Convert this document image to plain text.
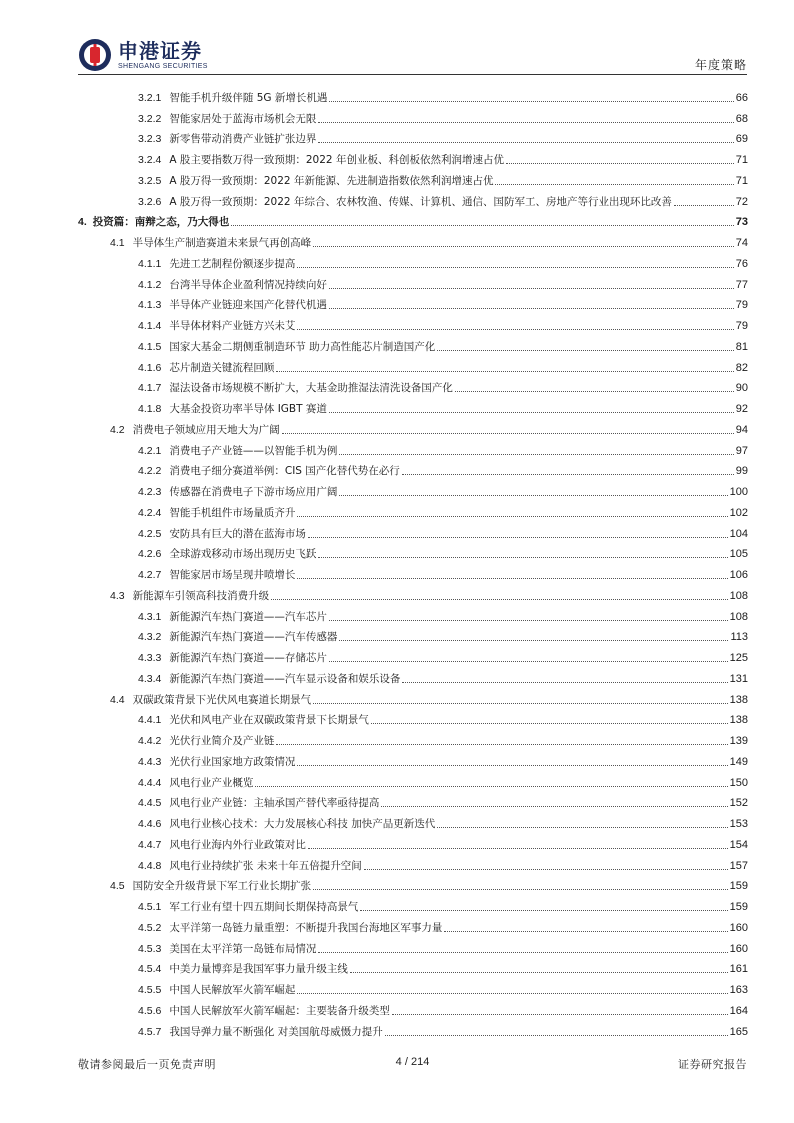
申港证券
SHENGANG SECURITIES	年度策略
3.2.1 智能手机升级伴随 5G 新增长机遇	66
3.2.2 智能家居处于蓝海市场机会无限	68
3.2.3 新零售带动消费产业链扩张边界	69
3.2.4 A 股主要指数万得一致预期：2022 年创业板、科创板依然利润增速占优	71
3.2.5 A 股万得一致预期：2022 年新能源、先进制造指数依然利润增速占优	71
3.2.6 A 股万得一致预期：2022 年综合、农林牧渔、传媒、计算机、通信、国防军工、房地产等行业出现环比改善	72
4. 投资篇：南辩之态，乃大得也	73
4.1 半导体生产制造赛道未来景气再创高峰	74
4.1.1 先进工艺制程份额逐步提高	76
4.1.2 台湾半导体企业盈利情况持续向好	77
4.1.3 半导体产业链迎来国产化替代机遇	79
4.1.4 半导体材料产业链方兴未艾	79
4.1.5 国家大基金二期侧重制造环节 助力高性能芯片制造国产化	81
4.1.6 芯片制造关键流程回顾	82
4.1.7 湿法设备市场规模不断扩大，大基金助推湿法清洗设备国产化	90
4.1.8 大基金投资功率半导体 IGBT 赛道	92
4.2 消费电子领域应用天地大为广阔	94
4.2.1 消费电子产业链——以智能手机为例	97
4.2.2 消费电子细分赛道举例：CIS 国产化替代势在必行	99
4.2.3 传感器在消费电子下游市场应用广阔	100
4.2.4 智能手机组件市场量质齐升	102
4.2.5 安防具有巨大的潜在蓝海市场	104
4.2.6 全球游戏移动市场出现历史飞跃	105
4.2.7 智能家居市场呈现井喷增长	106
4.3 新能源车引领高科技消费升级	108
4.3.1 新能源汽车热门赛道——汽车芯片	108
4.3.2 新能源汽车热门赛道——汽车传感器	113
4.3.3 新能源汽车热门赛道——存储芯片	125
4.3.4 新能源汽车热门赛道——汽车显示设备和娱乐设备	131
4.4 双碳政策背景下光伏风电赛道长期景气	138
4.4.1 光伏和风电产业在双碳政策背景下长期景气	138
4.4.2 光伏行业简介及产业链	139
4.4.3 光伏行业国家地方政策情况	149
4.4.4 风电行业产业概览	150
4.4.5 风电行业产业链：主轴承国产替代率亟待提高	152
4.4.6 风电行业核心技术：大力发展核心科技 加快产品更新迭代	153
4.4.7 风电行业海内外行业政策对比	154
4.4.8 风电行业持续扩张 未来十年五倍提升空间	157
4.5 国防安全升级背景下军工行业长期扩张	159
4.5.1 军工行业有望十四五期间长期保持高景气	159
4.5.2 太平洋第一岛链力量重塑：不断提升我国台海地区军事力量	160
4.5.3 美国在太平洋第一岛链布局情况	160
4.5.4 中美力量博弈是我国军事力量升级主线	161
4.5.5 中国人民解放军火箭军崛起	163
4.5.6 中国人民解放军火箭军崛起：主要装备升级类型	164
4.5.7 我国导弹力量不断强化 对美国航母威慑力提升	165
敬请参阅最后一页免责声明	4 / 214	证券研究报告
